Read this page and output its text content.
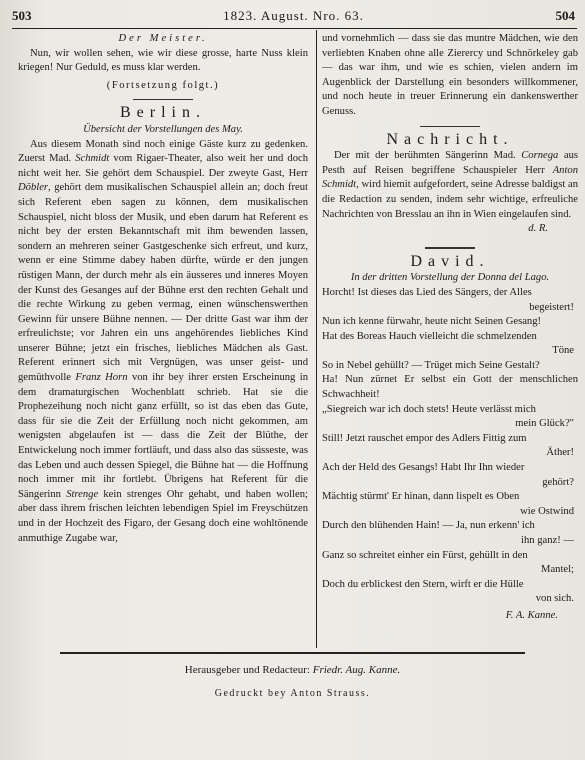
503	1823. August. Nro. 63.	504

Der Meister.

Nun, wir wollen sehen, wie wir diese grosse, harte Nuss klein kriegen! Nur Geduld, es muss klar werden.

(Fortsetzung folgt.)

Berlin.

Übersicht der Vorstellungen des May.

Aus diesem Monath sind noch einige Gäste kurz zu gedenken. Zuerst Mad. Schmidt vom Rigaer-Theater, also weit her und doch nicht weit her. Sie gehört dem Schauspiel. Der zweyte Gast, Herr Döbler, gehört dem musikalischen Schauspiel allein an; doch freut sich Referent eben sagen zu können, dem musikalischen Schauspiel, nicht bloss der Musik, und eben darum hat Referent es nicht bey der ersten Bekanntschaft mit ihm bewenden lassen, sondern an mehreren seiner Gastgeschenke sich erfreut, und kurz, wenn er eine Stimme dabey haben dürfte, würde er den jungen rüstigen Mann, der durch mehr als ein äusseres und inneres Moyen der Kunst des Gesanges auf der Bühne erst den rechten Gehalt und die rechte Wirkung zu geben vermag, einen wünschenswerthen Gewinn für unsere Bühne nennen. — Der dritte Gast war ihm der erfreulichste; vor Jahren ein uns angehörendes liebliches Kind unserer Bühne; jetzt ein frisches, liebliches Mädchen als Gast. Referent erinnert sich mit Vergnügen, was unser geist- und gemüthvolle Franz Horn von ihr bey ihrer ersten Erscheinung in dem dramaturgischen Wochenblatt schrieb. Hat sie die Prophezeihung noch nicht ganz erfüllt, so ist das eben das Gute, dass für sie die Zeit der Erfüllung noch nicht gekommen, am wenigsten abgelaufen ist — dass die Zeit der Blüthe, der Entwickelung noch immer fortläuft, und dass also das süsseste, was das Leben und auch dessen Spiegel, die Bühne hat — die Hoffnung noch immer mit ihr fortlebt. Übrigens hat Referent für die Sängerinn Strenge kein strenges Ohr gehabt, und haben wollen; aber dass ihrem frischen leichten lebendigen Spiel im Freyschützen und in der Hochzeit des Figaro, der Gesang doch eine wohltönende anmuthige Zugabe war,

und vornehmlich — dass sie das muntre Mädchen, wie den verliebten Knaben ohne alle Zierercy und Schnörkeley gab — das war ihm, und wie es schien, vielen andern im Augenblick der Darstellung ein besonders willkommener, und noch heute in treuer Erinnerung ein dankenswerther Genuss.

Nachricht.

Der mit der berühmten Sängerinn Mad. Cornega aus Pesth auf Reisen begriffene Schauspieler Herr Anton Schmidt, wird hiemit aufgefordert, seine Adresse baldigst an die Redaction zu senden, indem sehr wichtige, erfreuliche Nachrichten von Bresslau an ihn in Wien eingelaufen sind.

d. R.

David.

In der dritten Vorstellung der Donna del Lago.

Horcht! Ist dieses das Lied des Sängers, der Alles

begeistert!

Nun ich kenne fürwahr, heute nicht Seinen Gesang!

Hat des Boreas Hauch vielleicht die schmelzenden

Töne

So in Nebel gehüllt? — Trüget mich Seine Gestalt?

Ha! Nun zürnet Er selbst ein Gott der menschlichen Schwachheit!

„Siegreich war ich doch stets! Heute verlässt mich

mein Glück?"

Still! Jetzt rauschet empor des Adlers Fittig zum

Äther!

Ach der Held des Gesangs! Habt Ihr Ihn wieder

gehört?

Mächtig stürmt' Er hinan, dann lispelt es Oben

wie Ostwind

Durch den blühenden Hain! — Ja, nun erkenn' ich

ihn ganz! —

Ganz so schreitet einher ein Fürst, gehüllt in den

Mantel;

Doch du erblickest den Stern, wirft er die Hülle

von sich.

F. A. Kanne.

Herausgeber und Redacteur: Friedr. Aug. Kanne.
Gedruckt bey Anton Strauss.
